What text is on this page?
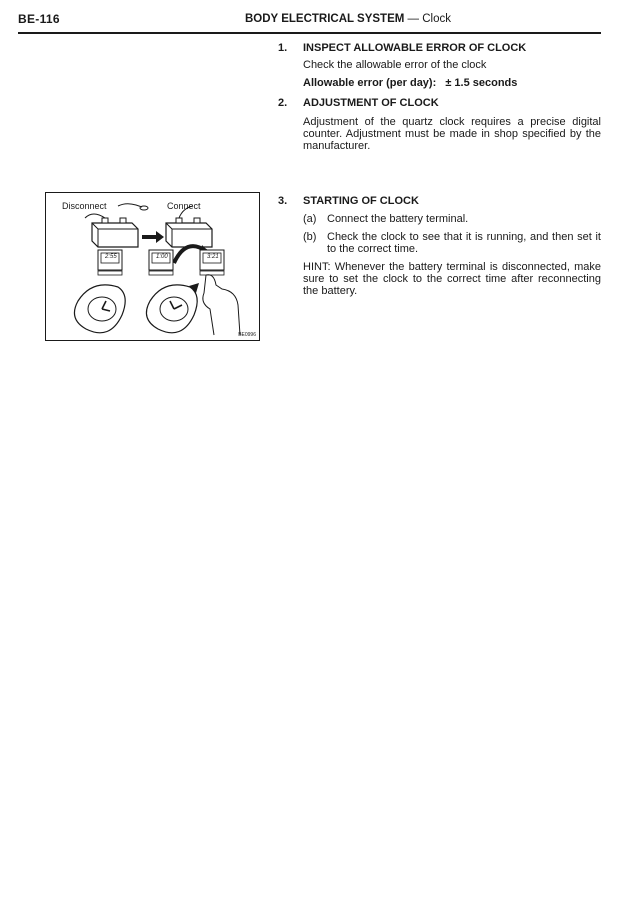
BE-116	BODY ELECTRICAL SYSTEM — Clock
1. INSPECT ALLOWABLE ERROR OF CLOCK
Check the allowable error of the clock
Allowable error (per day): ± 1.5 seconds
2. ADJUSTMENT OF CLOCK
Adjustment of the quartz clock requires a precise digital counter. Adjustment must be made in shop specified by the manufacturer.
3. STARTING OF CLOCK
(a) Connect the battery terminal.
(b) Check the clock to see that it is running, and then set it to the correct time.
HINT: Whenever the battery terminal is disconnected, make sure to set the clock to the correct time after reconnecting the battery.
Disconnect	Connect
2:55	1:00	3:21
BE0996
